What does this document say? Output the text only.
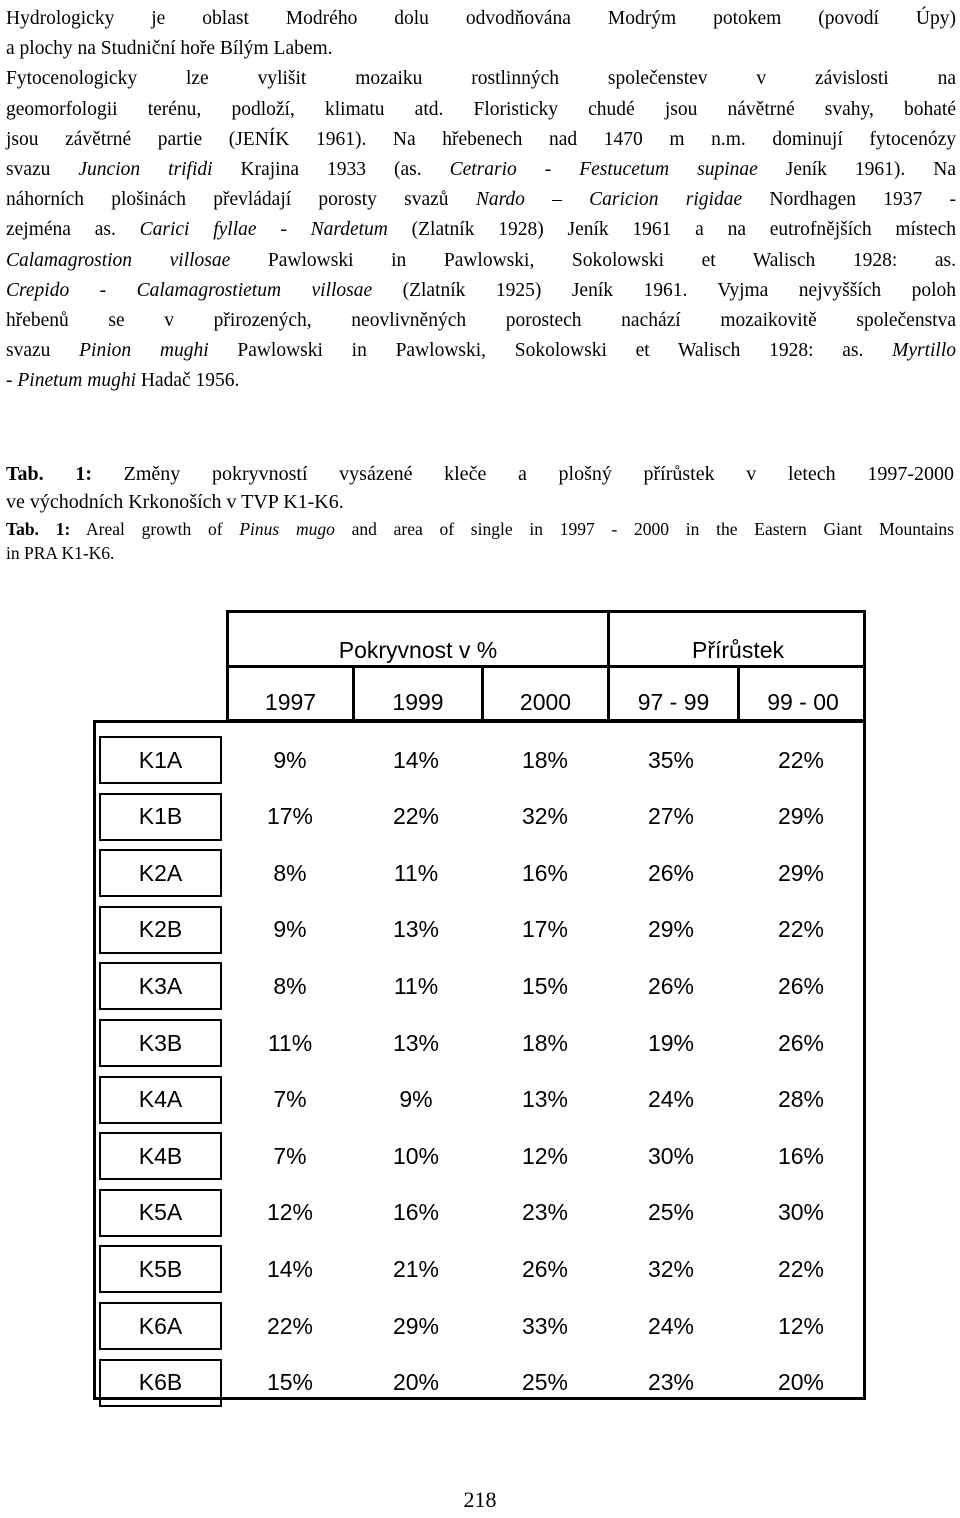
Hydrologicky je oblast Modrého dolu odvodňována Modrým potokem (povodí Úpy)
a plochy na Studniční hoře Bílým Labem.
Fytocenologicky lze vylišit mozaiku rostlinných společenstev v závislosti na
geomorfologii terénu, podloží, klimatu atd. Floristicky chudé jsou návětrné svahy, bohaté
jsou závětrné partie (JENÍK 1961). Na hřebenech nad 1470 m n.m. dominují fytocenózy
svazu Juncion trifidi Krajina 1933 (as. Cetrario - Festucetum supinae Jeník 1961). Na
náhorních plošinách převládají porosty svazů Nardo – Caricion rigidae Nordhagen 1937 -
zejména as. Carici fyllae - Nardetum (Zlatník 1928) Jeník 1961 a na eutrofnějších místech
Calamagrostion villosae Pawlowski in Pawlowski, Sokolowski et Walisch 1928: as.
Crepido - Calamagrostietum villosae (Zlatník 1925) Jeník 1961. Vyjma nejvyšších poloh
hřebenů se v přirozených, neovlivněných porostech nachází mozaikovitě společenstva
svazu Pinion mughi Pawlowski in Pawlowski, Sokolowski et Walisch 1928: as. Myrtillo
- Pinetum mughi Hadač 1956.
Tab. 1: Změny pokryvností vysázené kleče a plošný přírůstek v letech 1997-2000
ve východních Krkonoších v TVP K1-K6.
Tab. 1: Areal growth of Pinus mugo and area of single in 1997 - 2000 in the Eastern Giant Mountains
in PRA K1-K6.
Pokryvnost v %	Přírůstek
1997	1999	2000	97 - 99	99 - 00
K1A	9%	14%	18%	35%	22%
K1B	17%	22%	32%	27%	29%
K2A	8%	11%	16%	26%	29%
K2B	9%	13%	17%	29%	22%
K3A	8%	11%	15%	26%	26%
K3B	11%	13%	18%	19%	26%
K4A	7%	9%	13%	24%	28%
K4B	7%	10%	12%	30%	16%
K5A	12%	16%	23%	25%	30%
K5B	14%	21%	26%	32%	22%
K6A	22%	29%	33%	24%	12%
K6B	15%	20%	25%	23%	20%
218
